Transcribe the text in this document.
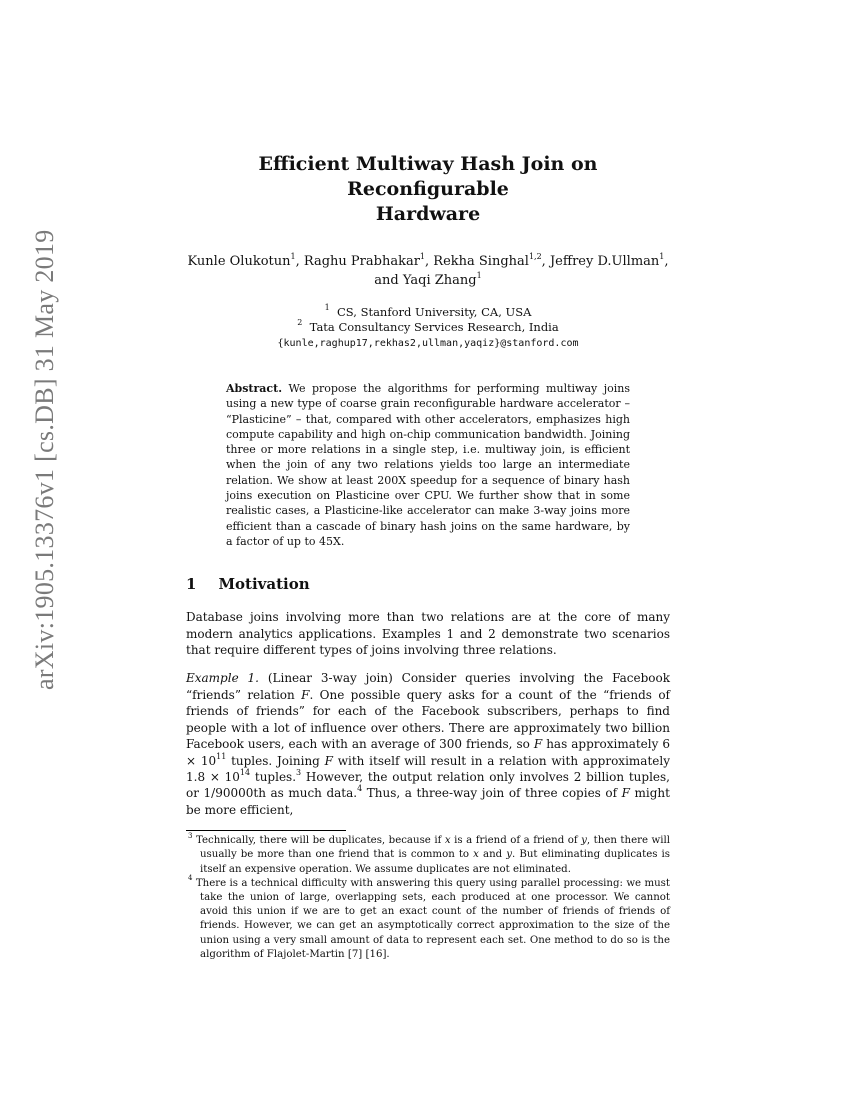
arXiv:1905.13376v1 [cs.DB] 31 May 2019
Efficient Multiway Hash Join on Reconfigurable
Hardware
Kunle Olukotun$^1$, Raghu Prabhakar$^1$, Rekha Singhal$^{1,2}$, Jeffrey D.Ullman$^1$,
and Yaqi Zhang$^1$
$^1$ CS, Stanford University, CA, USA
$^2$ Tata Consultancy Services Research, India
{kunle,raghup17,rekhas2,ullman,yaqiz}@stanford.com
Abstract. We propose the algorithms for performing multiway joins using a new type of coarse grain reconfigurable hardware accelerator – “Plasticine” – that, compared with other accelerators, emphasizes high compute capability and high on-chip communication bandwidth. Joining three or more relations in a single step, i.e. multiway join, is efficient when the join of any two relations yields too large an intermediate relation. We show at least 200X speedup for a sequence of binary hash joins execution on Plasticine over CPU. We further show that in some realistic cases, a Plasticine-like accelerator can make 3-way joins more efficient than a cascade of binary hash joins on the same hardware, by a factor of up to 45X.
1 Motivation

Database joins involving more than two relations are at the core of many modern analytics applications. Examples 1 and 2 demonstrate two scenarios that require different types of joins involving three relations.

Example 1. (Linear 3-way join) Consider queries involving the Facebook “friends” relation F. One possible query asks for a count of the “friends of friends of friends” for each of the Facebook subscribers, perhaps to find people with a lot of influence over others. There are approximately two billion Facebook users, each with an average of 300 friends, so F has approximately $6 \times 10^{11}$ tuples. Joining F with itself will result in a relation with approximately $1.8 \times 10^{14}$ tuples.$^3$ However, the output relation only involves 2 billion tuples, or 1/90000th as much data.$^4$ Thus, a three-way join of three copies of F might be more efficient,

$^3$ Technically, there will be duplicates, because if x is a friend of a friend of y, then there will usually be more than one friend that is common to x and y. But eliminating duplicates is itself an expensive operation. We assume duplicates are not eliminated.
$^4$ There is a technical difficulty with answering this query using parallel processing: we must take the union of large, overlapping sets, each produced at one processor. We cannot avoid this union if we are to get an exact count of the number of friends of friends of friends. However, we can get an asymptotically correct approximation to the size of the union using a very small amount of data to represent each set. One method to do so is the algorithm of Flajolet-Martin [7] [16].
